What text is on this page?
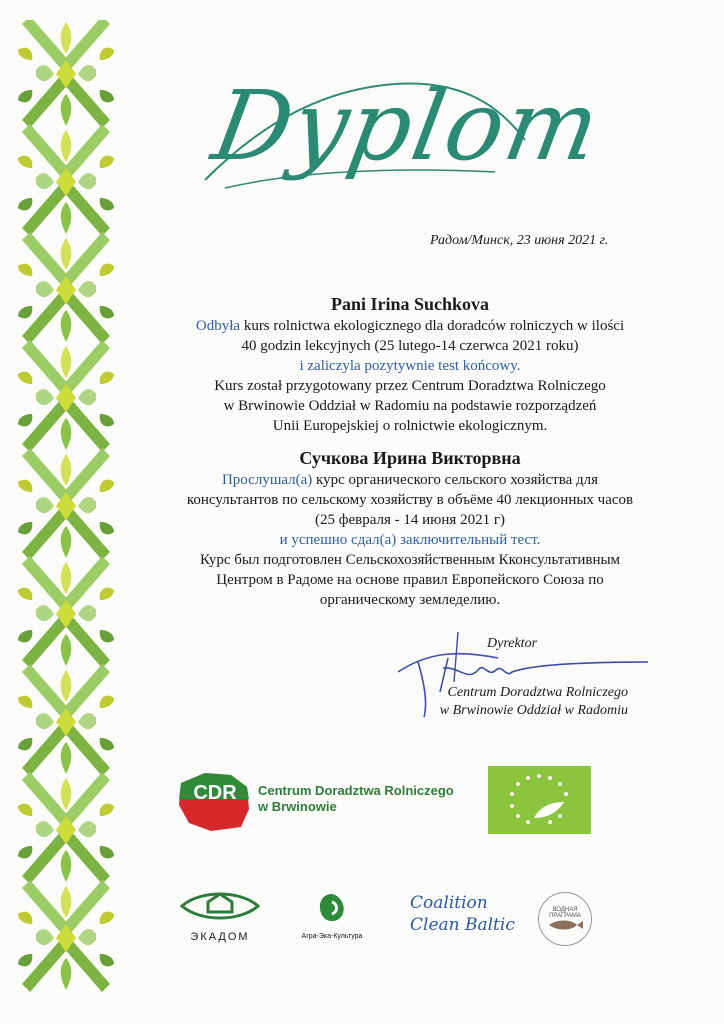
Dyplom
Радом/Минск, 23 июня 2021 г.
Pani Irina Suchkova
Odbyła kurs rolnictwa ekologicznego dla doradców rolniczych w ilości
40 godzin lekcyjnych (25 lutego-14 czerwca 2021 roku)
i zaliczyla pozytywnie test końcowy.
Kurs został przygotowany przez Centrum Doradztwa Rolniczego
w Brwinowie Oddział w Radomiu na podstawie rozporządzeń
Unii Europejskiej o rolnictwie ekologicznym.
Сучкова Ирина Викторвна
Прослушал(а) курс органического сельского хозяйства для
консультантов по сельскому хозяйству в объёме 40 лекционных часов
(25 февраля - 14 июня 2021 г)
и успешно сдал(а) заключительный тест.
Курс был подготовлен Сельскохозяйственным Кконсультативным
Центром в Радоме на основе правил Европейского Союза по
органическому земледелию.
Dyrektor
Centrum Doradztwa Rolniczego
w Brwinowie Oddział w Radomiu
CDR Centrum Doradztwa Rolniczego
w Brwinowie
ЭКАДОМ	Агра-Эка-Культура
Coalition
Clean Baltic
ВОДНАЯ ПРАГРАМА
